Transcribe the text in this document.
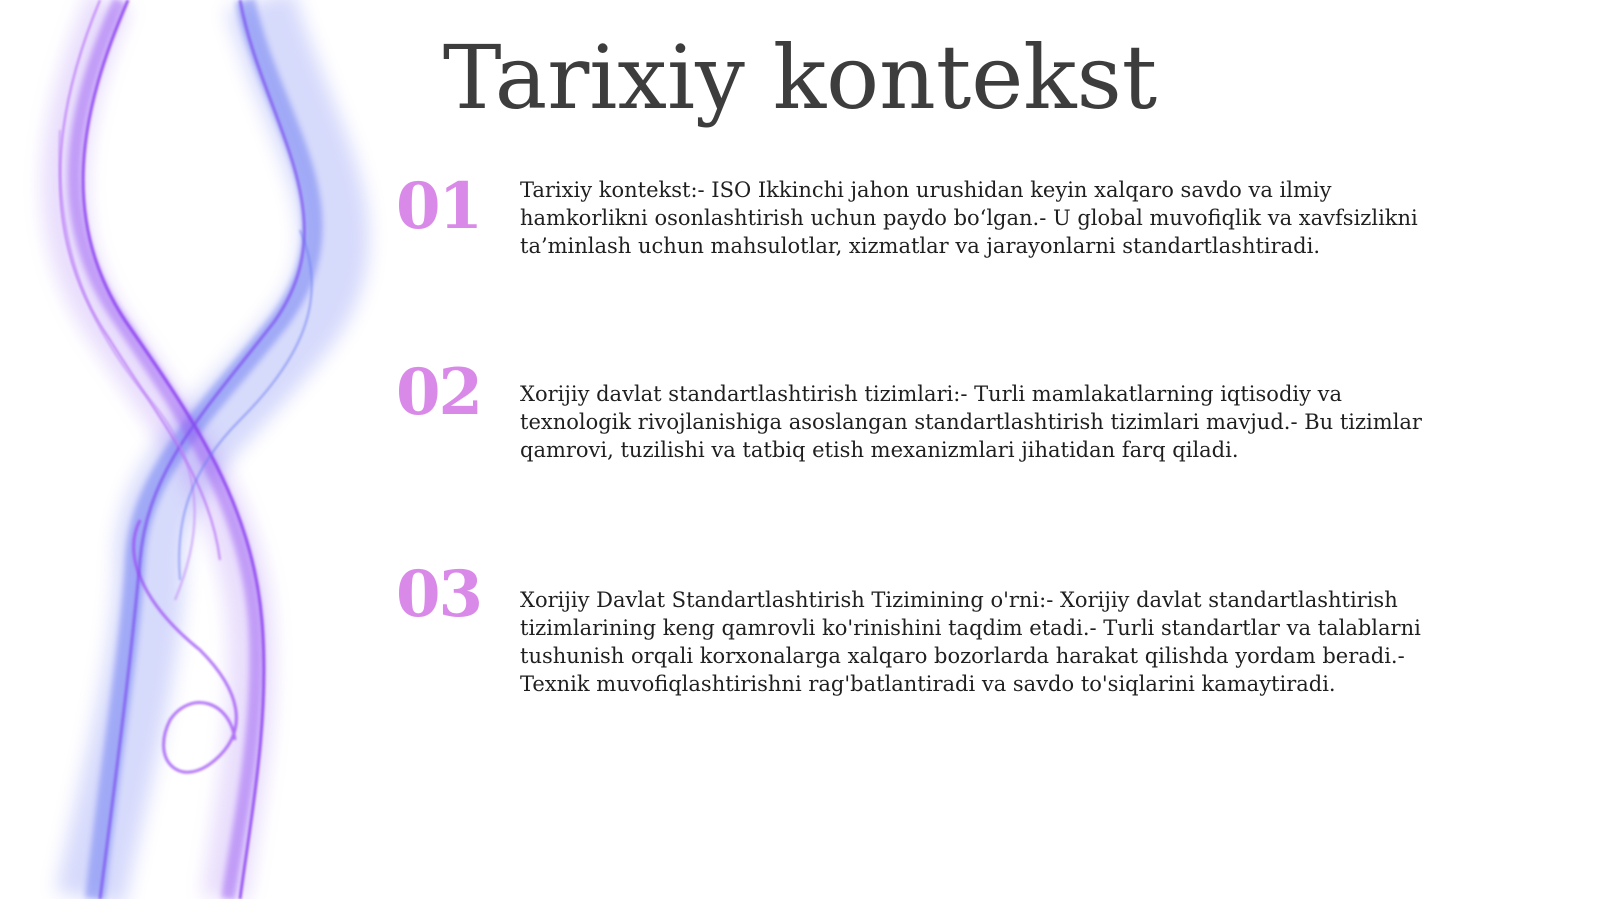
Tarixiy kontekst
01 Tarixiy kontekst:- ISO Ikkinchi jahon urushidan keyin xalqaro savdo va ilmiy hamkorlikni osonlashtirish uchun paydo bo‘lgan.- U global muvofiqlik va xavfsizlikni ta’minlash uchun mahsulotlar, xizmatlar va jarayonlarni standartlashtiradi.

02 Xorijiy davlat standartlashtirish tizimlari:- Turli mamlakatlarning iqtisodiy va texnologik rivojlanishiga asoslangan standartlashtirish tizimlari mavjud.- Bu tizimlar qamrovi, tuzilishi va tatbiq etish mexanizmlari jihatidan farq qiladi.

03 Xorijiy Davlat Standartlashtirish Tizimining o'rni:- Xorijiy davlat standartlashtirish tizimlarining keng qamrovli ko'rinishini taqdim etadi.- Turli standartlar va talablarni tushunish orqali korxonalarga xalqaro bozorlarda harakat qilishda yordam beradi.- Texnik muvofiqlashtirishni rag'batlantiradi va savdo to'siqlarini kamaytiradi.
